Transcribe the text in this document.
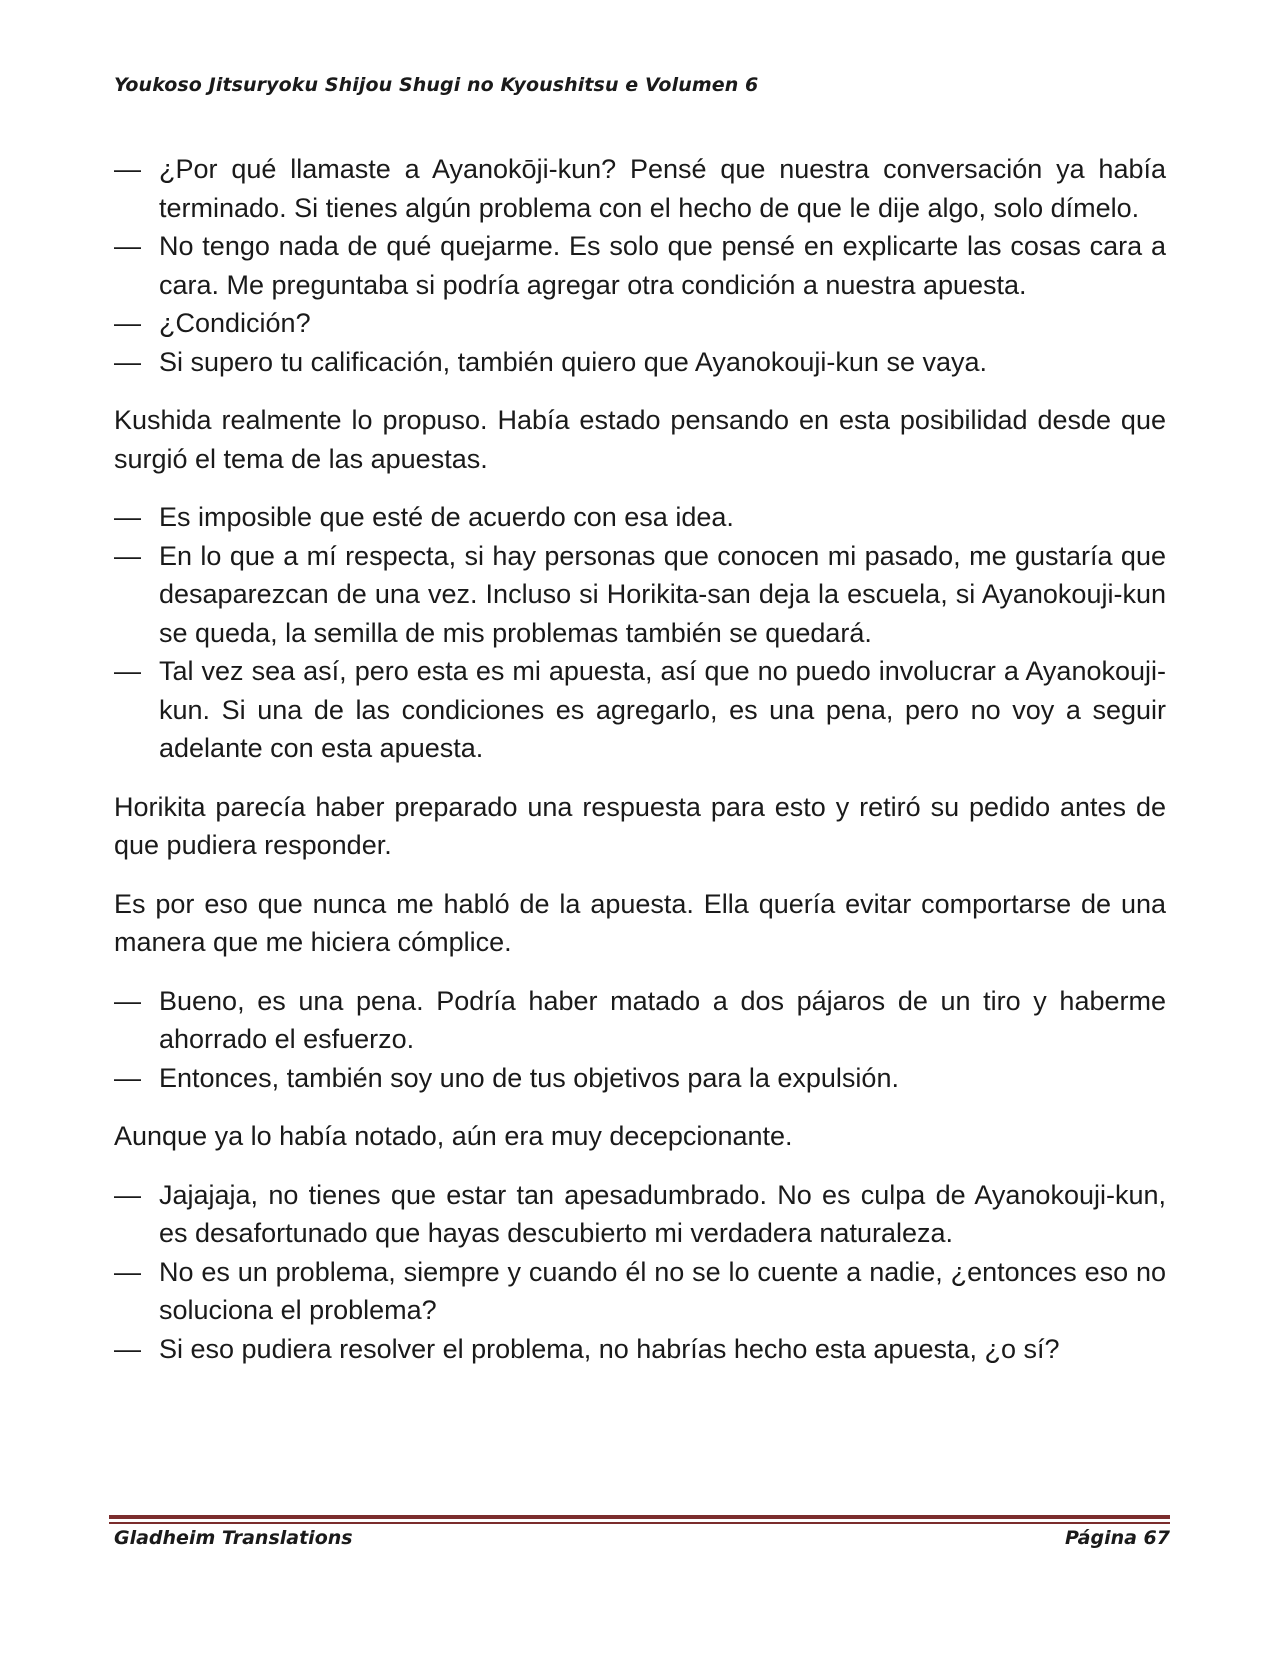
Youkoso Jitsuryoku Shijou Shugi no Kyoushitsu e Volumen 6

— ¿Por qué llamaste a Ayanokōji-kun? Pensé que nuestra conversación ya había terminado. Si tienes algún problema con el hecho de que le dije algo, solo dímelo.

— No tengo nada de qué quejarme. Es solo que pensé en explicarte las cosas cara a cara. Me preguntaba si podría agregar otra condición a nuestra apuesta.

— ¿Condición?

— Si supero tu calificación, también quiero que Ayanokouji-kun se vaya.

Kushida realmente lo propuso. Había estado pensando en esta posibilidad desde que surgió el tema de las apuestas.

— Es imposible que esté de acuerdo con esa idea.

— En lo que a mí respecta, si hay personas que conocen mi pasado, me gustaría que desaparezcan de una vez. Incluso si Horikita-san deja la escuela, si Ayanokouji-kun se queda, la semilla de mis problemas también se quedará.

— Tal vez sea así, pero esta es mi apuesta, así que no puedo involucrar a Ayanokouji-kun. Si una de las condiciones es agregarlo, es una pena, pero no voy a seguir adelante con esta apuesta.

Horikita parecía haber preparado una respuesta para esto y retiró su pedido antes de que pudiera responder.

Es por eso que nunca me habló de la apuesta. Ella quería evitar comportarse de una manera que me hiciera cómplice.

— Bueno, es una pena. Podría haber matado a dos pájaros de un tiro y haberme ahorrado el esfuerzo.

— Entonces, también soy uno de tus objetivos para la expulsión.

Aunque ya lo había notado, aún era muy decepcionante.

— Jajajaja, no tienes que estar tan apesadumbrado. No es culpa de Ayanokouji-kun, es desafortunado que hayas descubierto mi verdadera naturaleza.

— No es un problema, siempre y cuando él no se lo cuente a nadie, ¿entonces eso no soluciona el problema?

— Si eso pudiera resolver el problema, no habrías hecho esta apuesta, ¿o sí?

Gladheim Translations	Página 67
